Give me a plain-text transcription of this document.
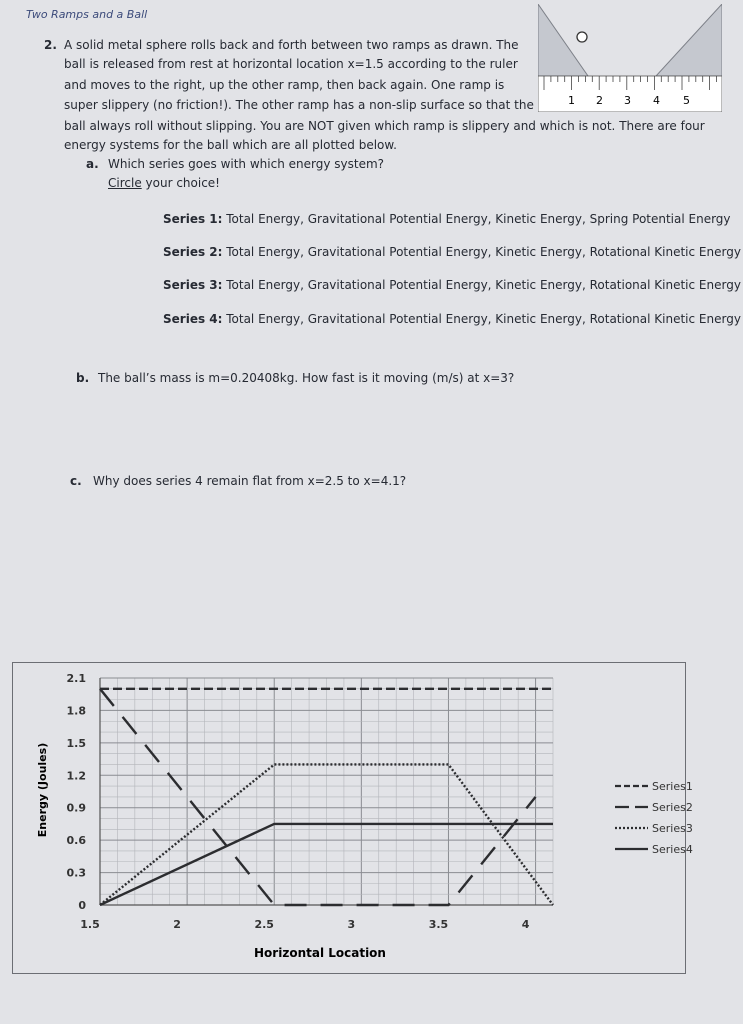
Two Ramps and a Ball
2. A solid metal sphere rolls back and forth between two ramps as drawn. The
ball is released from rest at horizontal location x=1.5 according to the ruler
and moves to the right, up the other ramp, then back again. One ramp is
super slippery (no friction!). The other ramp has a non-slip surface so that the
ball always roll without slipping. You are NOT given which ramp is slippery and which is not. There are four
energy systems for the ball which are all plotted below.
1 2 3 4 5
a. Which series goes with which energy system?
Circle your choice!
Series 1: Total Energy, Gravitational Potential Energy, Kinetic Energy, Spring Potential Energy
Series 2: Total Energy, Gravitational Potential Energy, Kinetic Energy, Rotational Kinetic Energy
Series 3: Total Energy, Gravitational Potential Energy, Kinetic Energy, Rotational Kinetic Energy
Series 4: Total Energy, Gravitational Potential Energy, Kinetic Energy, Rotational Kinetic Energy
b. The ball’s mass is m=0.20408kg. How fast is it moving (m/s) at x=3?
c. Why does series 4 remain flat from x=2.5 to x=4.1?
0
0.3
0.6
0.9
1.2
1.5
1.8
2.1
1.5	2	2.5	3	3.5	4
Horizontal Location
Energy (Joules)	Series1
Series2
Series3
Series4
